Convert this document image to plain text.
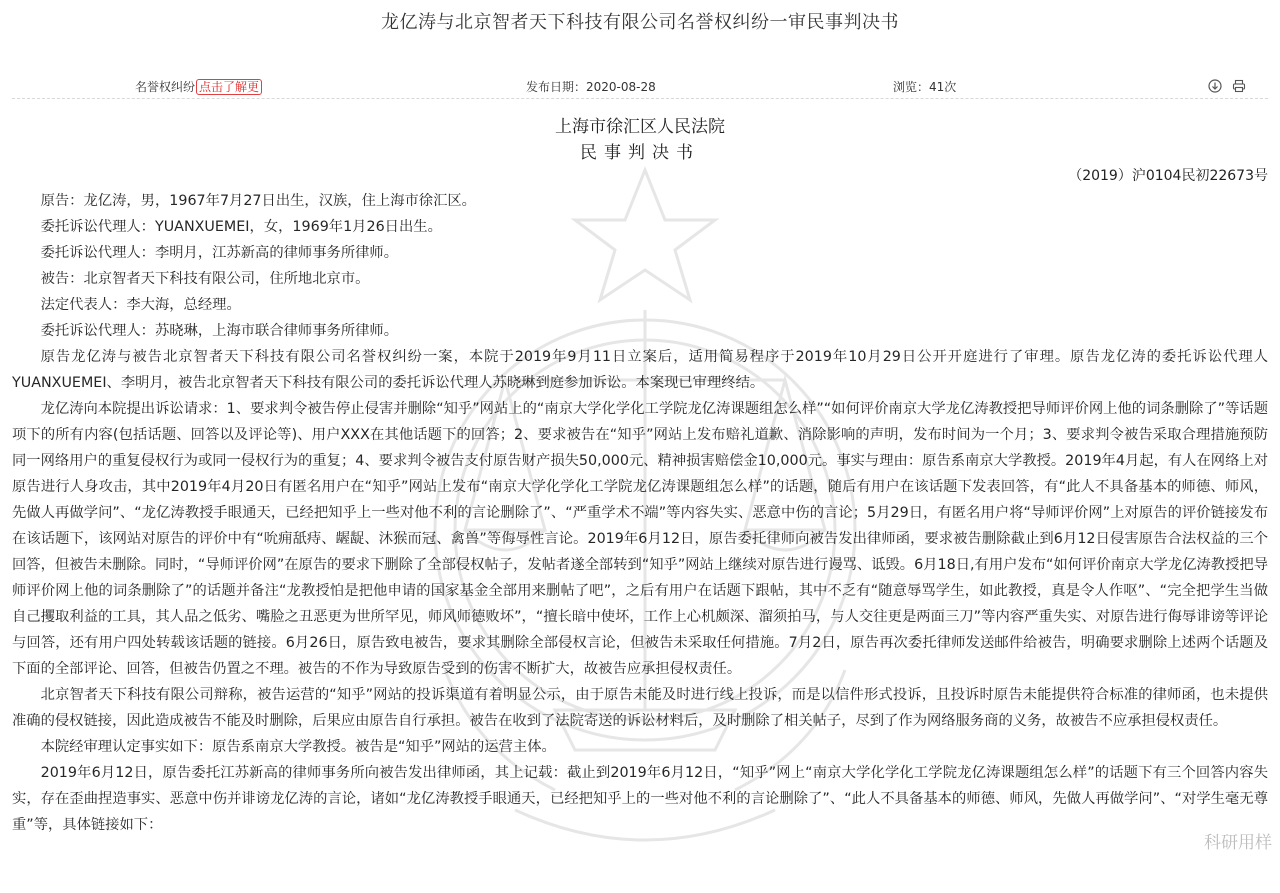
龙亿涛与北京智者天下科技有限公司名誉权纠纷一审民事判决书
名誉权纠纷 点击了解更	发布日期：2020-08-28	浏览：41次
上海市徐汇区人民法院
民事判决书
（2019）沪0104民初22673号

原告：龙亿涛，男，1967年7月27日出生，汉族，住上海市徐汇区。

委托诉讼代理人：YUANXUEMEI，女，1969年1月26日出生。

委托诉讼代理人：李明月，江苏新高的律师事务所律师。

被告：北京智者天下科技有限公司，住所地北京市。

法定代表人：李大海，总经理。

委托诉讼代理人：苏晓琳，上海市联合律师事务所律师。

原告龙亿涛与被告北京智者天下科技有限公司名誉权纠纷一案，本院于2019年9月11日立案后，适用简易程序于2019年10月29日公开开庭进行了审理。原告龙亿涛的委托诉讼代理人YUANXUEMEI、李明月，被告北京智者天下科技有限公司的委托诉讼代理人苏晓琳到庭参加诉讼。本案现已审理终结。

龙亿涛向本院提出诉讼请求：1、要求判令被告停止侵害并删除“知乎”网站上的“南京大学化学化工学院龙亿涛课题组怎么样”“如何评价南京大学龙亿涛教授把导师评价网上他的词条删除了”等话题项下的所有内容(包括话题、回答以及评论等)、用户XXX在其他话题下的回答；2、要求被告在“知乎”网站上发布赔礼道歉、消除影响的声明，发布时间为一个月；3、要求判令被告采取合理措施预防同一网络用户的重复侵权行为或同一侵权行为的重复；4、要求判令被告支付原告财产损失50,000元、精神损害赔偿金10,000元。事实与理由：原告系南京大学教授。2019年4月起，有人在网络上对原告进行人身攻击，其中2019年4月20日有匿名用户在“知乎”网站上发布“南京大学化学化工学院龙亿涛课题组怎么样”的话题，随后有用户在该话题下发表回答，有“此人不具备基本的师德、师风，先做人再做学问”、“龙亿涛教授手眼通天，已经把知乎上一些对他不利的言论删除了”、“严重学术不端”等内容失实、恶意中伤的言论；5月29日，有匿名用户将“导师评价网”上对原告的评价链接发布在该话题下，该网站对原告的评价中有“吮痈舐痔、龌龊、沐猴而冠、禽兽”等侮辱性言论。2019年6月12日，原告委托律师向被告发出律师函，要求被告删除截止到6月12日侵害原告合法权益的三个回答，但被告未删除。同时，“导师评价网”在原告的要求下删除了全部侵权帖子，发帖者遂全部转到“知乎”网站上继续对原告进行谩骂、诋毁。6月18日,有用户发布“如何评价南京大学龙亿涛教授把导师评价网上他的词条删除了”的话题并备注“龙教授怕是把他申请的国家基金全部用来删帖了吧”，之后有用户在话题下跟帖，其中不乏有“随意辱骂学生，如此教授，真是令人作呕”、“完全把学生当做自己攫取利益的工具，其人品之低劣、嘴脸之丑恶更为世所罕见，师风师德败坏”，“擅长暗中使坏，工作上心机颇深、溜须拍马，与人交往更是两面三刀”等内容严重失实、对原告进行侮辱诽谤等评论与回答，还有用户四处转载该话题的链接。6月26日，原告致电被告，要求其删除全部侵权言论，但被告未采取任何措施。7月2日，原告再次委托律师发送邮件给被告，明确要求删除上述两个话题及下面的全部评论、回答，但被告仍置之不理。被告的不作为导致原告受到的伤害不断扩大，故被告应承担侵权责任。

北京智者天下科技有限公司辩称，被告运营的“知乎”网站的投诉渠道有着明显公示，由于原告未能及时进行线上投诉，而是以信件形式投诉，且投诉时原告未能提供符合标准的律师函，也未提供准确的侵权链接，因此造成被告不能及时删除，后果应由原告自行承担。被告在收到了法院寄送的诉讼材料后，及时删除了相关帖子，尽到了作为网络服务商的义务，故被告不应承担侵权责任。

本院经审理认定事实如下：原告系南京大学教授。被告是“知乎”网站的运营主体。

2019年6月12日，原告委托江苏新高的律师事务所向被告发出律师函，其上记载：截止到2019年6月12日，“知乎”网上“南京大学化学化工学院龙亿涛课题组怎么样”的话题下有三个回答内容失实，存在歪曲捏造事实、恶意中伤并诽谤龙亿涛的言论，诸如“龙亿涛教授手眼通天，已经把知乎上的一些对他不利的言论删除了”、“此人不具备基本的师德、师风，先做人再做学问”、“对学生毫无尊重”等，具体链接如下：

科研用样
